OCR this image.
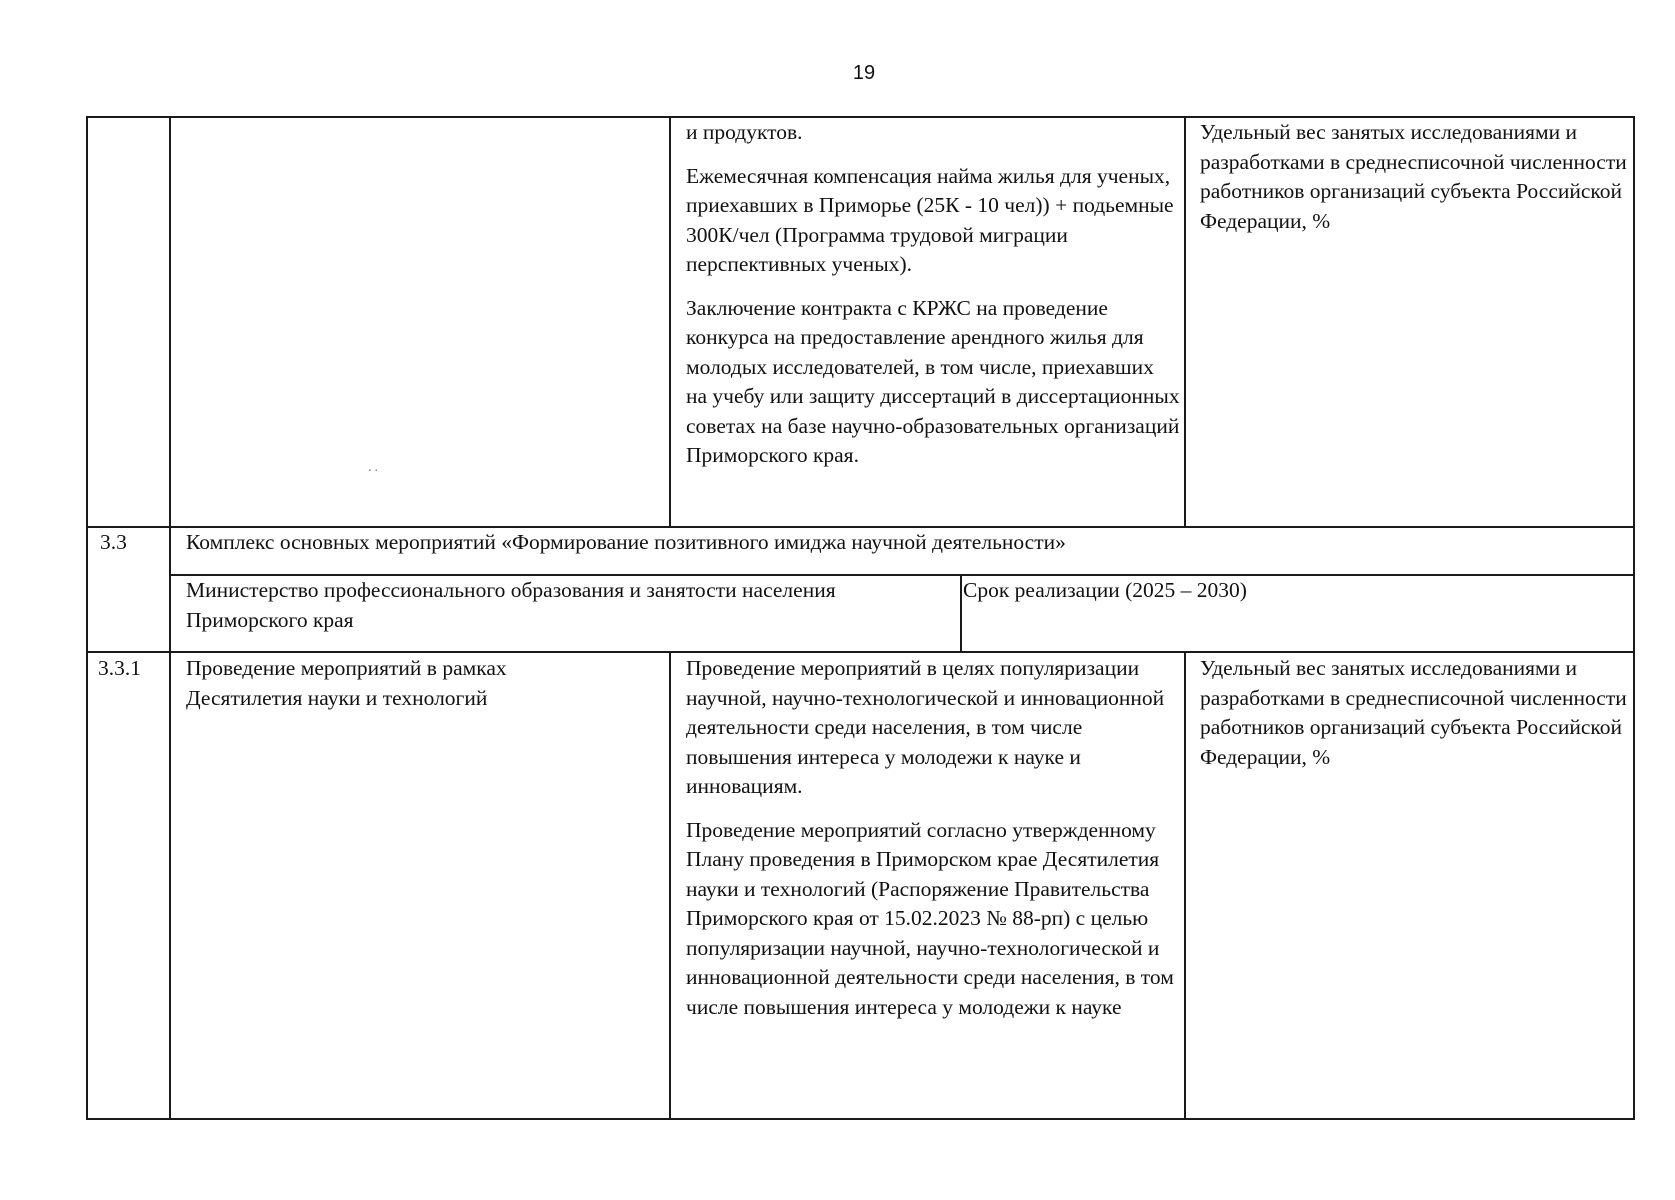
19

и продуктов.

Ежемесячная компенсация найма жилья для ученых, приехавших в Приморье (25К - 10 чел)) + подьемные 300К/чел (Программа трудовой миграции перспективных ученых).

Заключение контракта с КРЖС на проведение конкурса на предоставление арендного жилья для молодых исследователей, в том числе, приехавших на учебу или защиту диссертаций в диссертационных советах на базе научно-образовательных организаций Приморского края.

Удельный вес занятых исследованиями и разработками в среднесписочной численности работников организаций субъекта Российской Федерации, %
..
3.3	Комплекс основных мероприятий «Формирование позитивного имиджа научной деятельности»
Министерство профессионального образования и занятости населения Приморского края
Срок реализации (2025 – 2030)
3.3.1	Проведение мероприятий в рамках Десятилетия науки и технологий

Проведение мероприятий в целях популяризации научной, научно-технологической и инновационной деятельности среди населения, в том числе повышения интереса у молодежи к науке и инновациям.

Проведение мероприятий согласно утвержденному Плану проведения в Приморском крае Десятилетия науки и технологий (Распоряжение Правительства Приморского края от 15.02.2023 № 88-рп) с целью популяризации научной, научно-технологической и инновационной деятельности среди населения, в том числе повышения интереса у молодежи к науке

Удельный вес занятых исследованиями и разработками в среднесписочной численности работников организаций субъекта Российской Федерации, %
